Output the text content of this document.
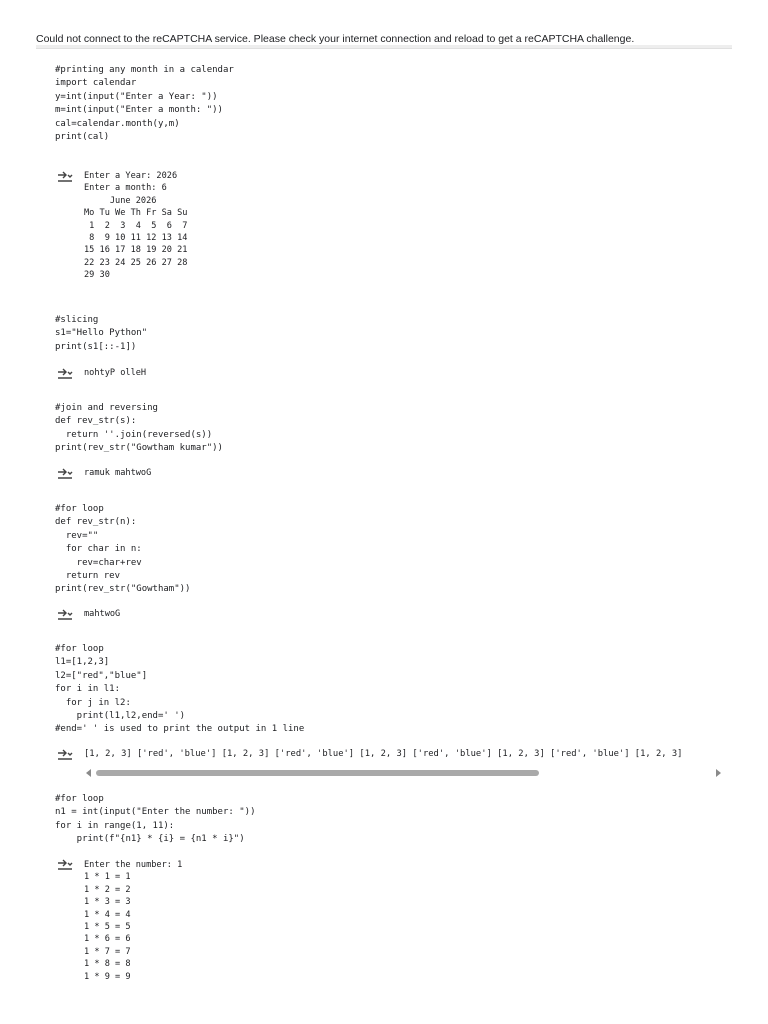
Could not connect to the reCAPTCHA service. Please check your internet connection and reload to get a reCAPTCHA challenge.
#printing any month in a calendar
import calendar
y=int(input("Enter a Year: "))
m=int(input("Enter a month: "))
cal=calendar.month(y,m)
print(cal)
Enter a Year: 2026
Enter a month: 6
June 2026
Mo Tu We Th Fr Sa Su
1  2  3  4  5  6  7
8  9 10 11 12 13 14
15 16 17 18 19 20 21
22 23 24 25 26 27 28
29 30
#slicing
s1="Hello Python"
print(s1[::-1])
nohtyP olleH
#join and reversing
def rev_str(s):
return ''.join(reversed(s))
print(rev_str("Gowtham kumar"))
ramuk mahtwoG
#for loop
def rev_str(n):
rev=""
for char in n:
rev=char+rev
return rev
print(rev_str("Gowtham"))
mahtwoG
#for loop
l1=[1,2,3]
l2=["red","blue"]
for i in l1:
for j in l2:
print(l1,l2,end=' ')
#end=' ' is used to print the output in 1 line
[1, 2, 3] ['red', 'blue'] [1, 2, 3] ['red', 'blue'] [1, 2, 3] ['red', 'blue'] [1, 2, 3] ['red', 'blue'] [1, 2, 3]
#for loop
n1 = int(input("Enter the number: "))
for i in range(1, 11):
print(f"{n1} * {i} = {n1 * i}")
Enter the number: 1
1 * 1 = 1
1 * 2 = 2
1 * 3 = 3
1 * 4 = 4
1 * 5 = 5
1 * 6 = 6
1 * 7 = 7
1 * 8 = 8
1 * 9 = 9
